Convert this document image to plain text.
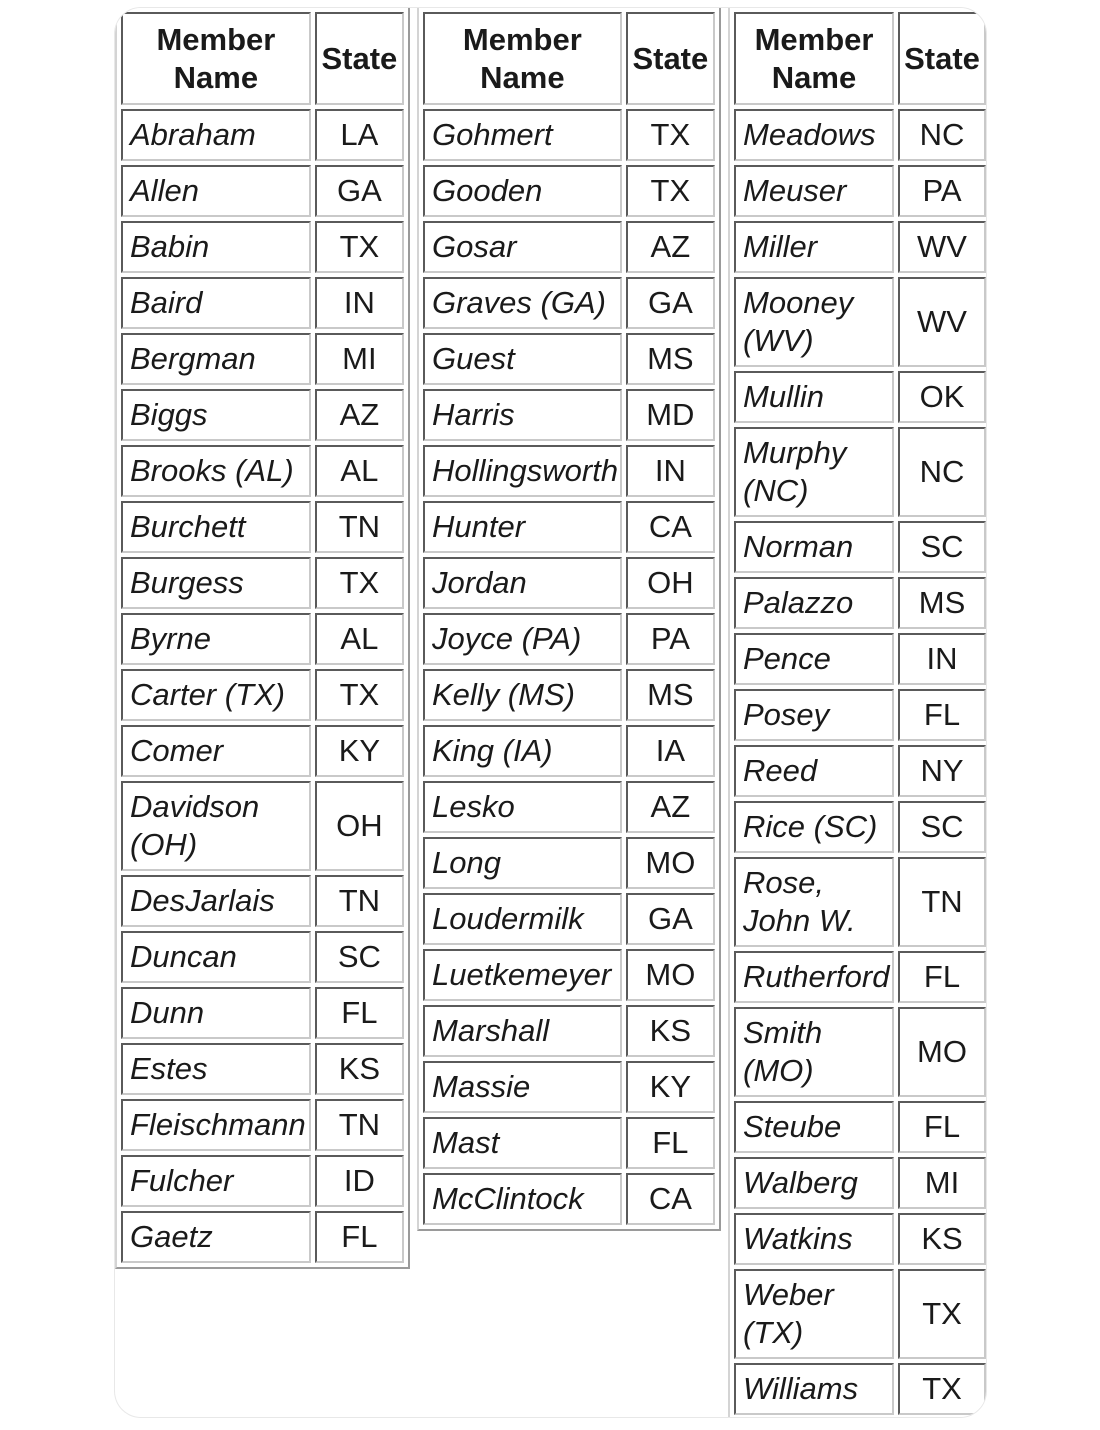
Member Name	State
Abraham	LA
Allen	GA
Babin	TX
Baird	IN
Bergman	MI
Biggs	AZ
Brooks (AL)	AL
Burchett	TN
Burgess	TX
Byrne	AL
Carter (TX)	TX
Comer	KY
Davidson (OH)	OH
DesJarlais	TN
Duncan	SC
Dunn	FL
Estes	KS
Fleischmann	TN
Fulcher	ID
Gaetz	FL
Member Name	State
Gohmert	TX
Gooden	TX
Gosar	AZ
Graves (GA)	GA
Guest	MS
Harris	MD
Hollingsworth	IN
Hunter	CA
Jordan	OH
Joyce (PA)	PA
Kelly (MS)	MS
King (IA)	IA
Lesko	AZ
Long	MO
Loudermilk	GA
Luetkemeyer	MO
Marshall	KS
Massie	KY
Mast	FL
McClintock	CA
Member Name	State
Meadows	NC
Meuser	PA
Miller	WV
Mooney (WV)	WV
Mullin	OK
Murphy (NC)	NC
Norman	SC
Palazzo	MS
Pence	IN
Posey	FL
Reed	NY
Rice (SC)	SC
Rose, John W.	TN
Rutherford	FL
Smith (MO)	MO
Steube	FL
Walberg	MI
Watkins	KS
Weber (TX)	TX
Williams	TX
